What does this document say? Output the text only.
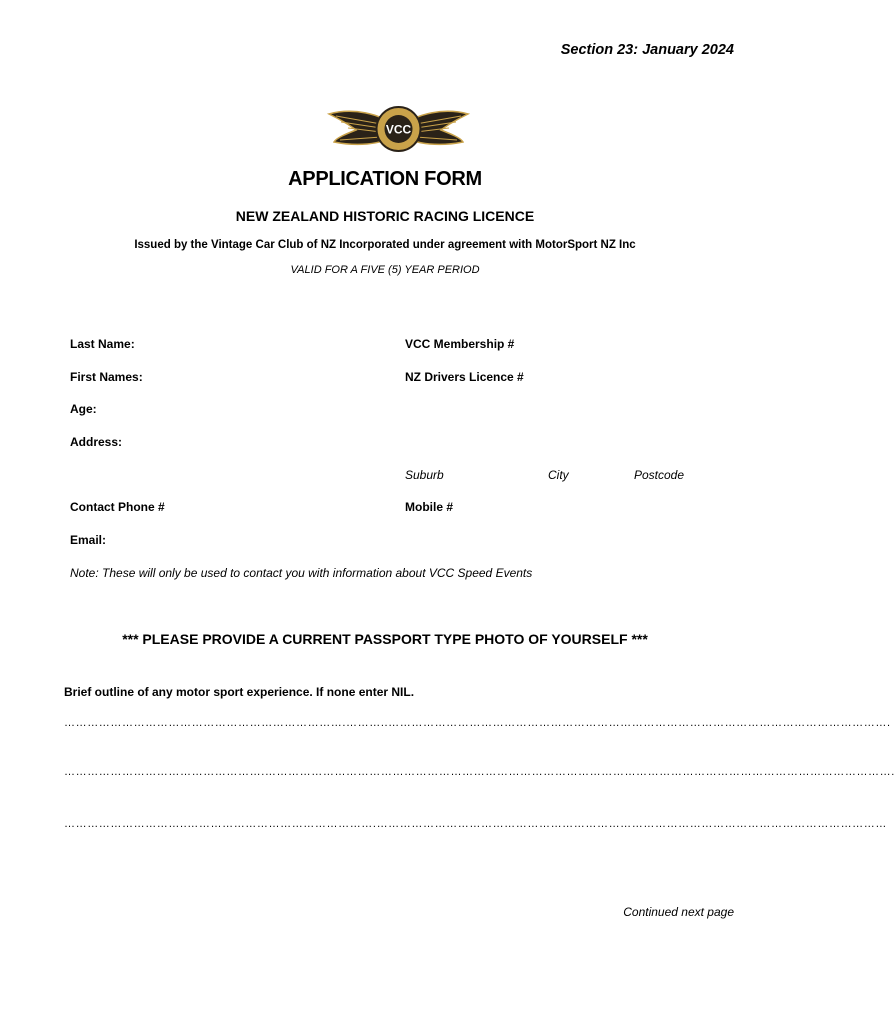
Section 23: January 2024
VCC
APPLICATION FORM
NEW ZEALAND HISTORIC RACING LICENCE
Issued by the Vintage Car Club of NZ Incorporated under agreement with MotorSport NZ Inc
VALID FOR A FIVE (5) YEAR PERIOD
Last Name:	VCC Membership #
First Names:	NZ Drivers Licence #
Age:
Address:
Suburb	City	Postcode
Contact Phone #	Mobile #
Email:
Note: These will only be used to contact you with information about VCC Speed Events
*** PLEASE PROVIDE A CURRENT PASSPORT TYPE PHOTO OF YOURSELF ***
Brief outline of any motor sport experience. If none enter NIL.
……………………………………………………………….………..………………………………………………………………………………………………………………….
…………………………………………….……………………………………………………………………………………………………………………………………………….
…………………………..………………………………………….……………………………………………………………………………………………………………………
Continued next page
